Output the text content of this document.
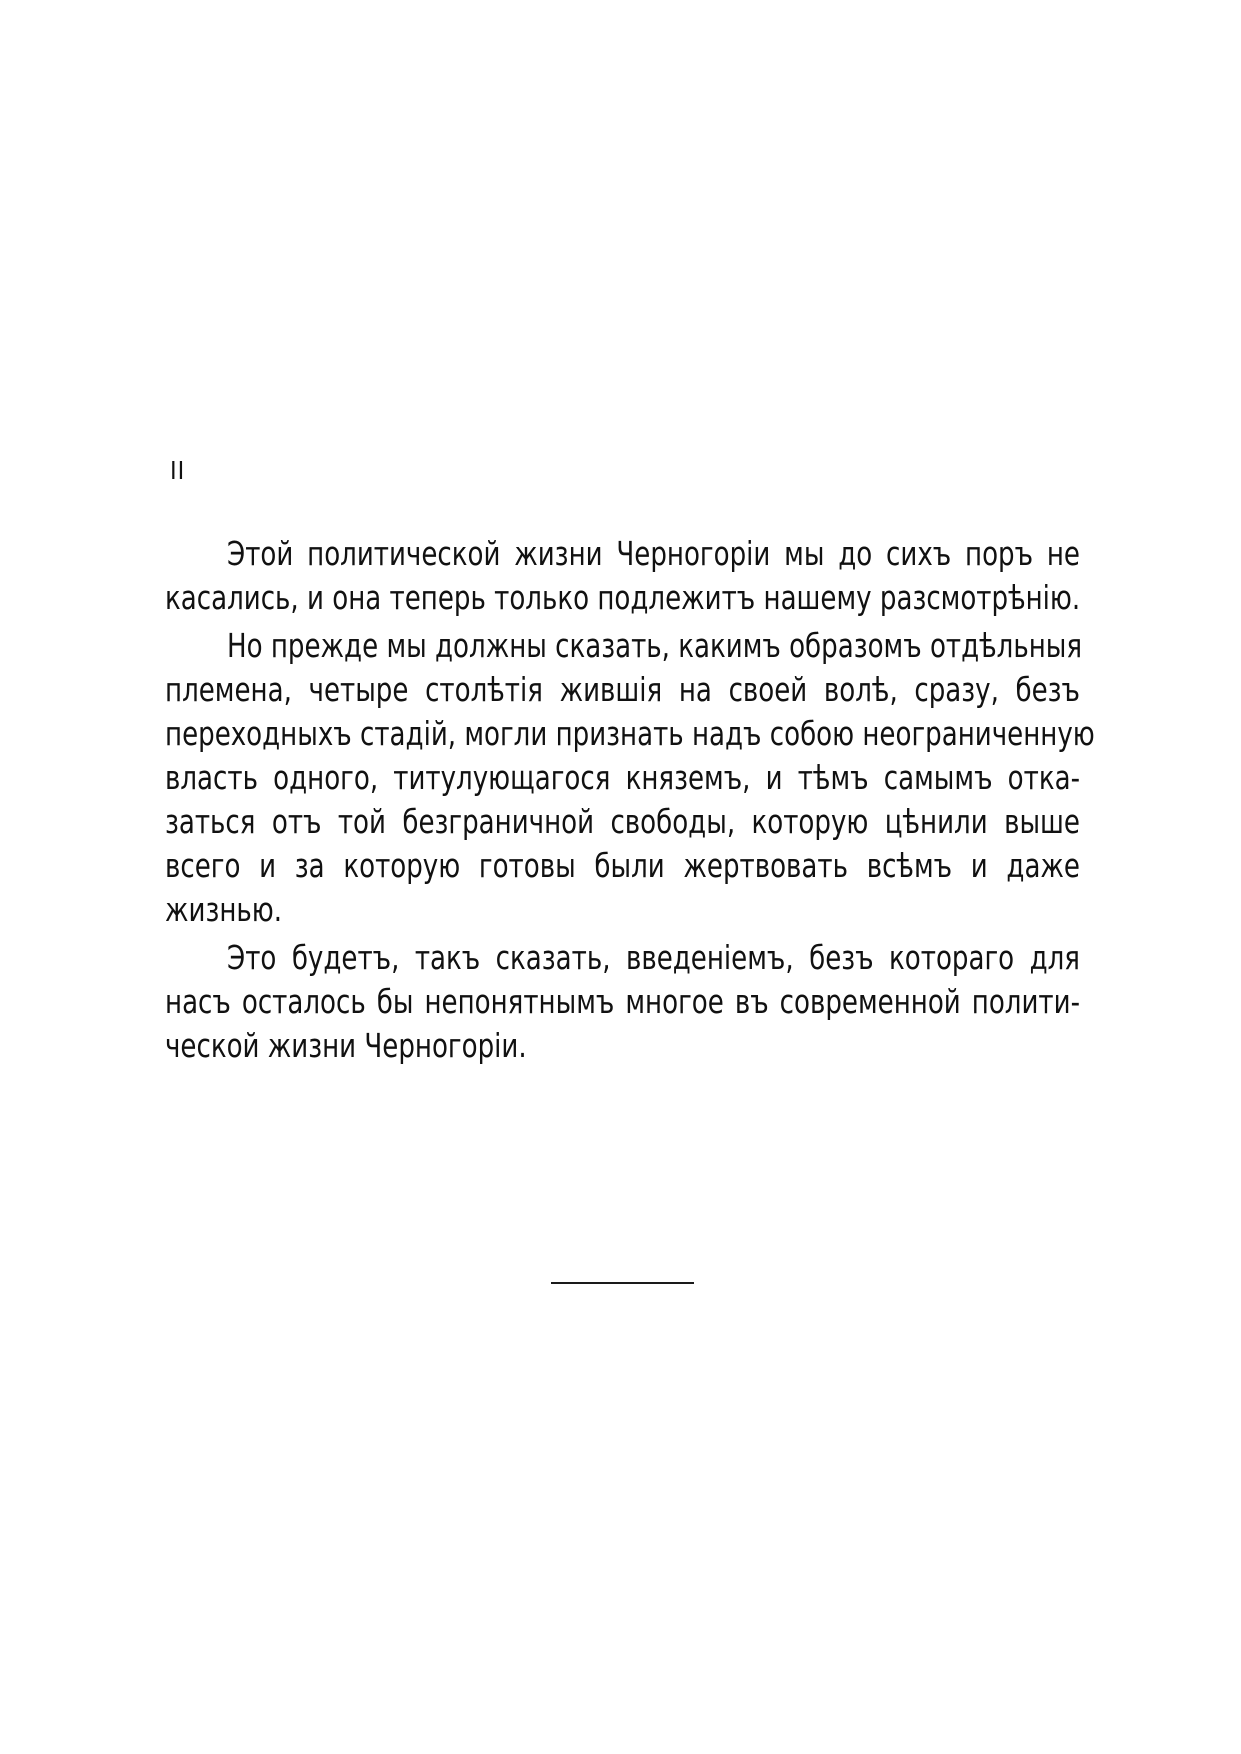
II
Этой политической жизни Черногоріи мы до сихъ поръ не
касались, и она теперь только подлежитъ нашему разсмотрѣнію.
Но прежде мы должны сказать, какимъ образомъ отдѣльныя
племена, четыре столѣтія жившія на своей волѣ, сразу, безъ
переходныхъ стадій, могли признать надъ собою неограниченную
власть одного, титулующагося княземъ, и тѣмъ самымъ отка-
заться отъ той безграничной свободы, которую цѣнили выше
всего и за которую готовы были жертвовать всѣмъ и даже
жизнью.
Это будетъ, такъ сказать, введеніемъ, безъ котораго для
насъ осталось бы непонятнымъ многое въ современной полити-
ческой жизни Черногоріи.
